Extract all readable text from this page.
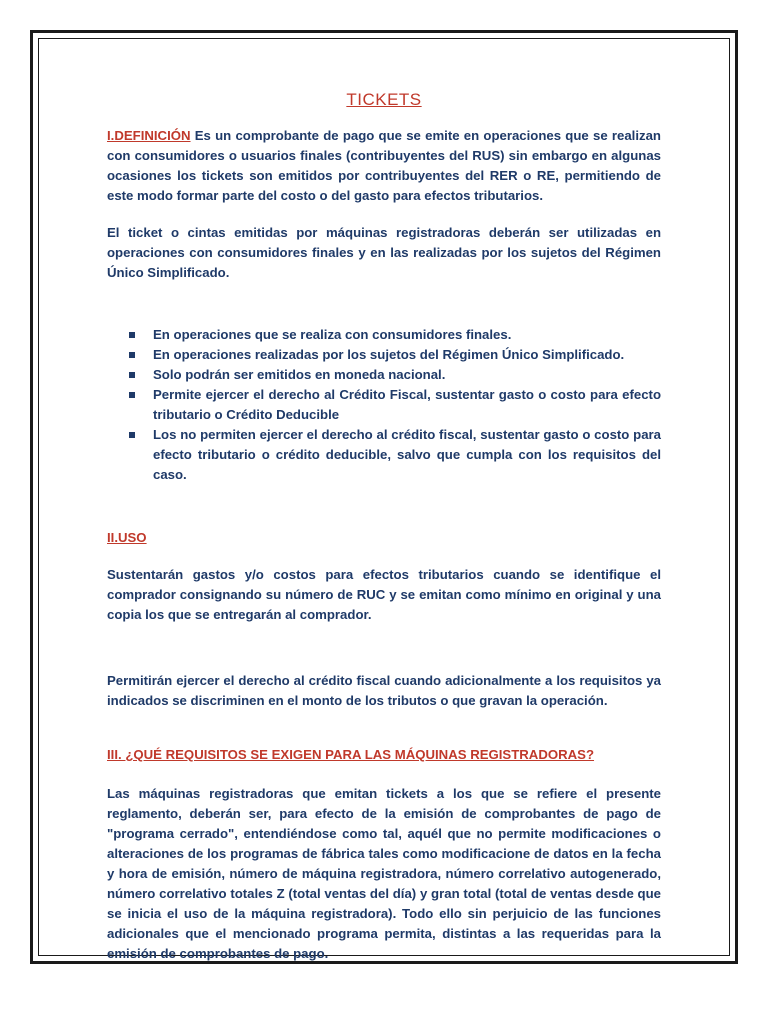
TICKETS

I.DEFINICIÓN Es un comprobante de pago que se emite en operaciones que se realizan con consumidores o usuarios finales (contribuyentes del RUS) sin embargo en algunas ocasiones los tickets son emitidos por contribuyentes del RER o RE, permitiendo de este modo formar parte del costo o del gasto para efectos tributarios.

El ticket o cintas emitidas por máquinas registradoras deberán ser utilizadas en operaciones con consumidores finales y en las realizadas por los sujetos del Régimen Único Simplificado.

En operaciones que se realiza con consumidores finales.
En operaciones realizadas por los sujetos del Régimen Único Simplificado.
Solo podrán ser emitidos en moneda nacional.
Permite ejercer el derecho al Crédito Fiscal, sustentar gasto o costo para efecto tributario o Crédito Deducible
Los no permiten ejercer el derecho al crédito fiscal, sustentar gasto o costo para efecto tributario o crédito deducible, salvo que cumpla con los requisitos del caso.

II.USO

Sustentarán gastos y/o costos para efectos tributarios cuando se identifique el comprador consignando su número de RUC y se emitan como mínimo en original y una copia los que se entregarán al comprador.

Permitirán ejercer el derecho al crédito fiscal cuando adicionalmente a los requisitos ya indicados se discriminen en el monto de los tributos o que gravan la operación.

III. ¿QUÉ REQUISITOS SE EXIGEN PARA LAS MÁQUINAS REGISTRADORAS?

Las máquinas registradoras que emitan tickets a los que se refiere el presente reglamento, deberán ser, para efecto de la emisión de comprobantes de pago de "programa cerrado", entendiéndose como tal, aquél que no permite modificaciones o alteraciones de los programas de fábrica tales como modificacione de datos en la fecha y hora de emisión, número de máquina registradora, número correlativo autogenerado, número correlativo totales Z (total ventas del día) y gran total (total de ventas desde que se inicia el uso de la máquina registradora). Todo ello sin perjuicio de las funciones adicionales que el mencionado programa permita, distintas a las requeridas para la emisión de comprobantes de pago.
